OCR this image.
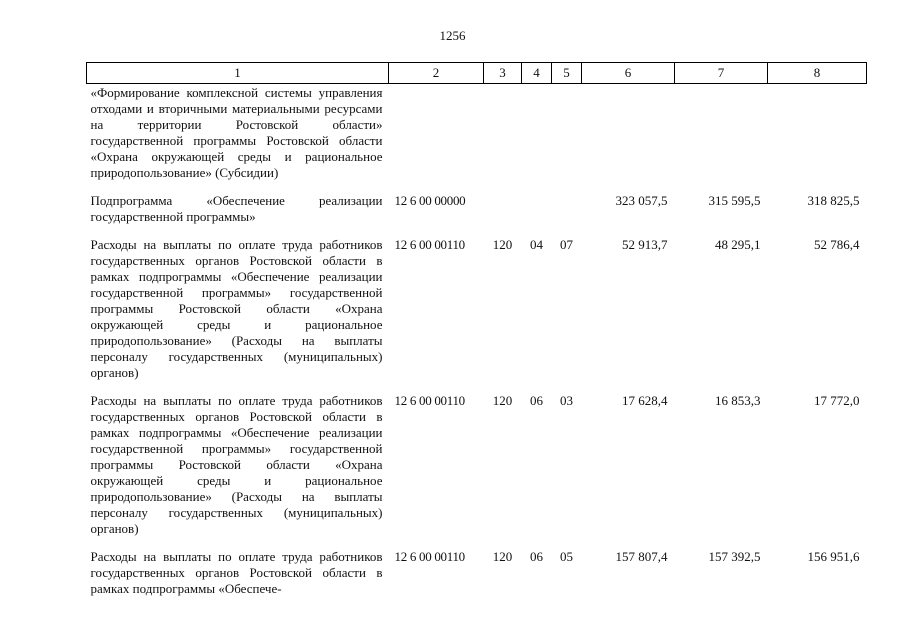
1256
1	2	3	4	5	6	7	8
«Формирование комплексной системы управления отходами и вторичными материальными ресурсами на территории Ростовской области» государственной программы Ростовской области «Охрана окружающей среды и рациональное природопользование» (Субсидии)							
Подпрограмма «Обеспечение реализации государственной программы»	12 6 00 00000				323 057,5	315 595,5	318 825,5
Расходы на выплаты по оплате труда работников государственных органов Ростовской области в рамках подпрограммы «Обеспечение реализации государственной программы» государственной программы Ростовской области «Охрана окружающей среды и рациональное природопользование» (Расходы на выплаты персоналу государственных (муниципальных) органов)	12 6 00 00110	120	04	07	52 913,7	48 295,1	52 786,4
Расходы на выплаты по оплате труда работников государственных органов Ростовской области в рамках подпрограммы «Обеспечение реализации государственной программы» государственной программы Ростовской области «Охрана окружающей среды и рациональное природопользование» (Расходы на выплаты персоналу государственных (муниципальных) органов)	12 6 00 00110	120	06	03	17 628,4	16 853,3	17 772,0
Расходы на выплаты по оплате труда работников государственных органов Ростовской области в рамках подпрограммы «Обеспече-	12 6 00 00110	120	06	05	157 807,4	157 392,5	156 951,6
